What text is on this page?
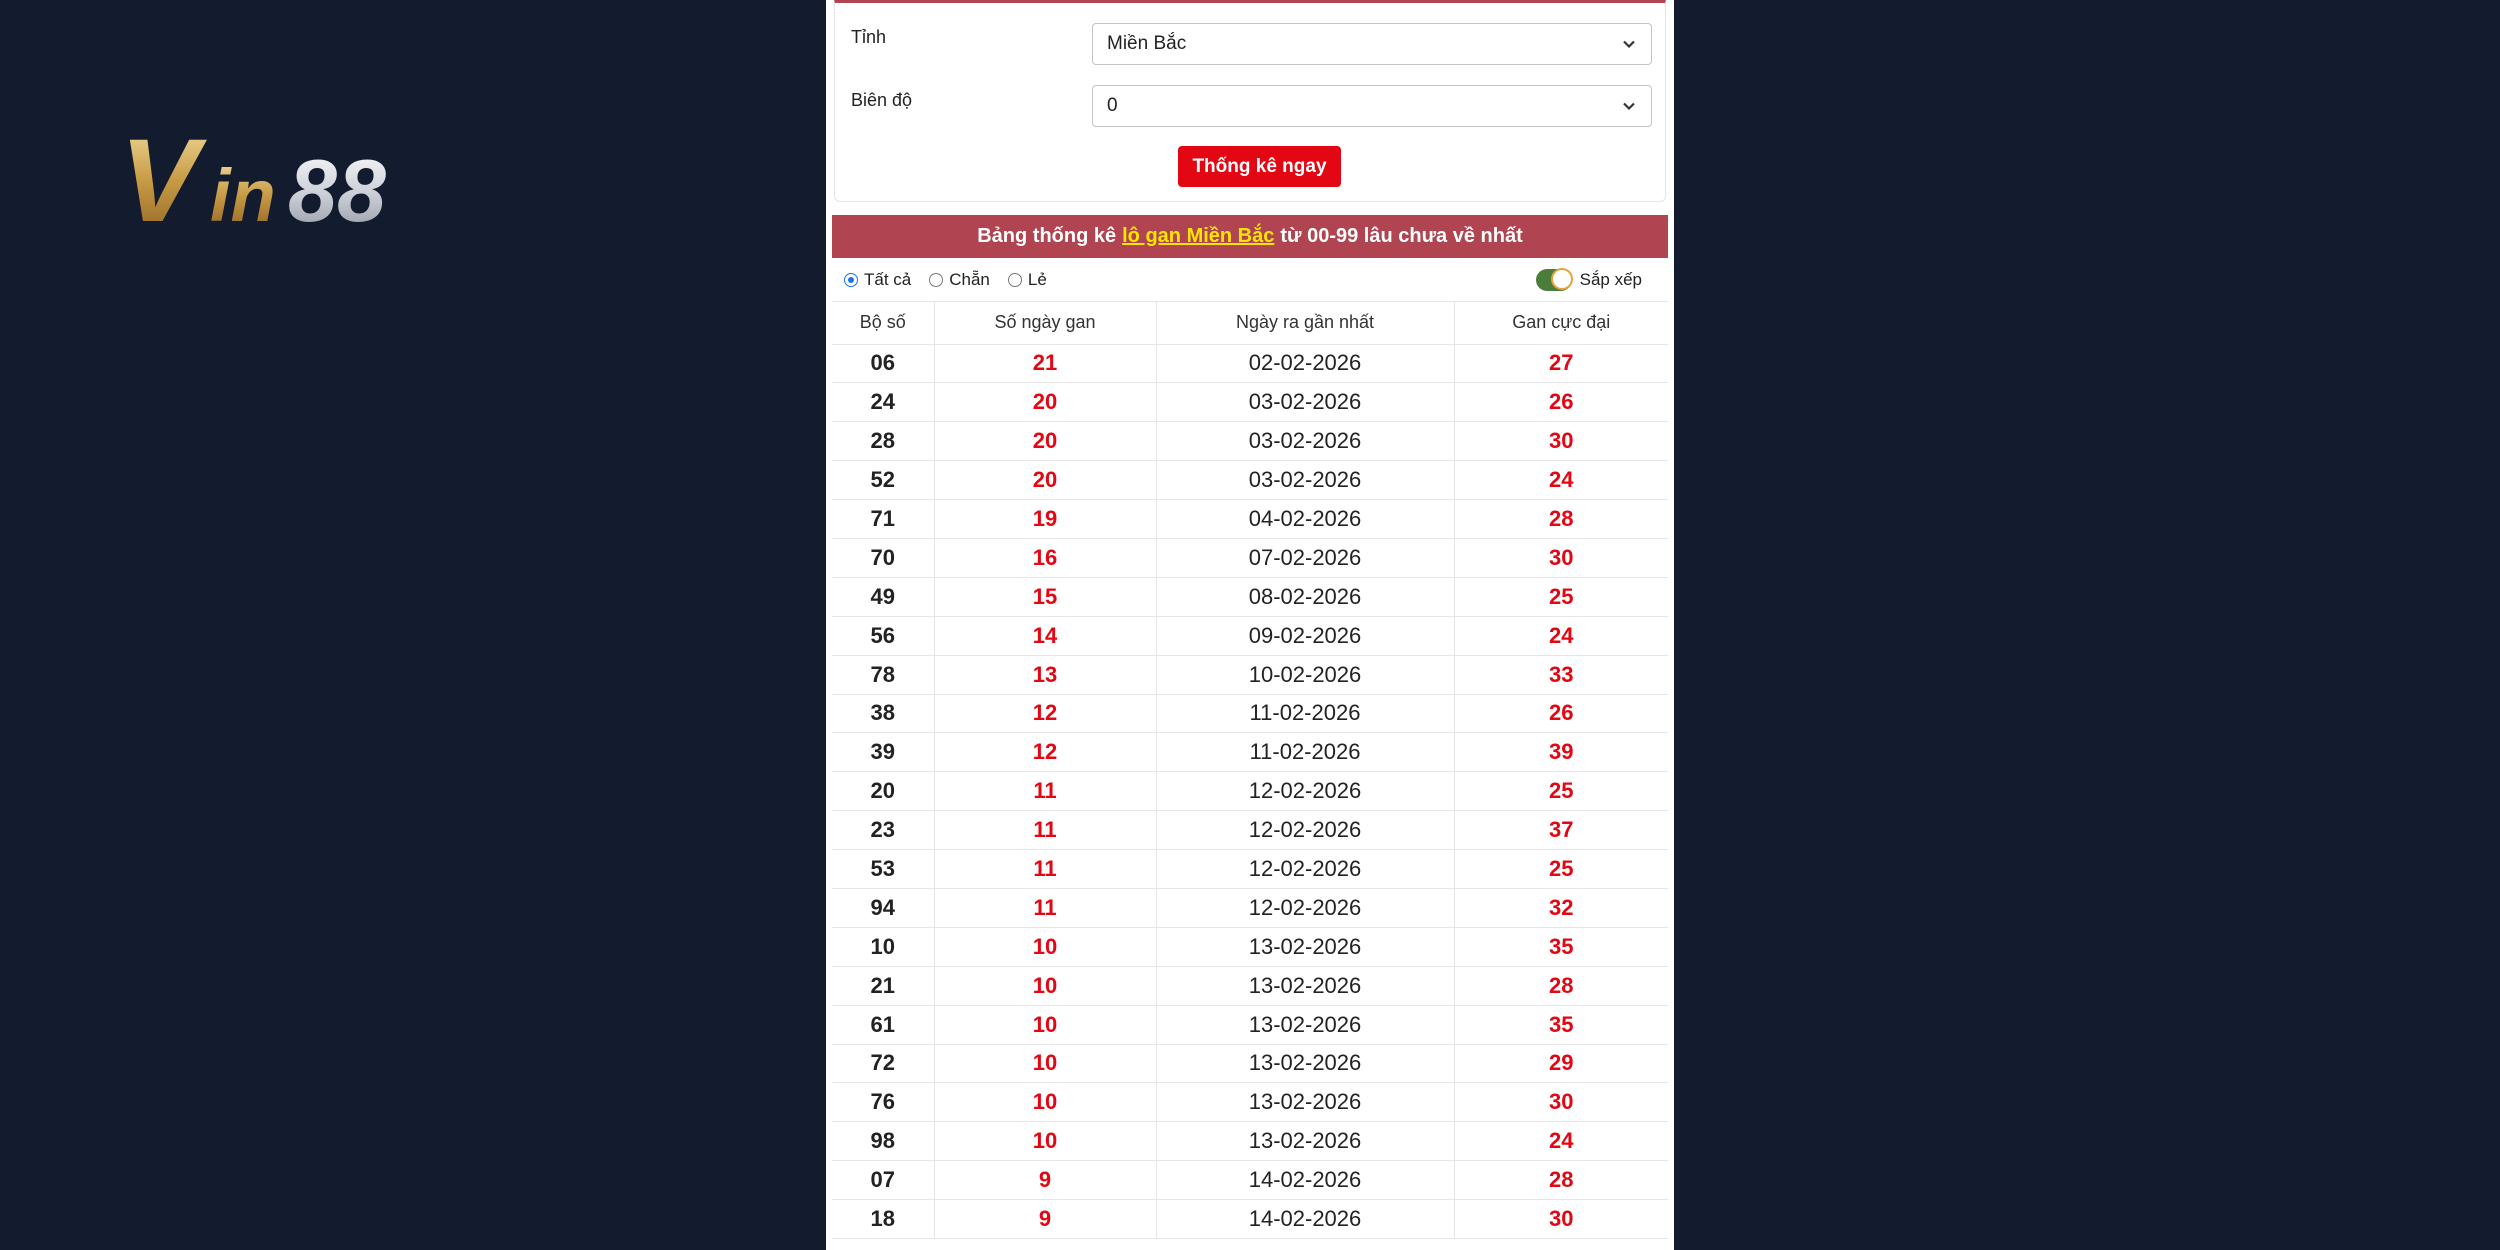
V in 88
Tỉnh	Miền Bắc
Biên độ	0
Thống kê ngay
Bảng thống kê lô gan Miền Bắc từ 00-99 lâu chưa về nhất
Tất cả Chẵn Lẻ	Sắp xếp
Bộ số	Số ngày gan	Ngày ra gần nhất	Gan cực đại
06	21	02-02-2026	27
24	20	03-02-2026	26
28	20	03-02-2026	30
52	20	03-02-2026	24
71	19	04-02-2026	28
70	16	07-02-2026	30
49	15	08-02-2026	25
56	14	09-02-2026	24
78	13	10-02-2026	33
38	12	11-02-2026	26
39	12	11-02-2026	39
20	11	12-02-2026	25
23	11	12-02-2026	37
53	11	12-02-2026	25
94	11	12-02-2026	32
10	10	13-02-2026	35
21	10	13-02-2026	28
61	10	13-02-2026	35
72	10	13-02-2026	29
76	10	13-02-2026	30
98	10	13-02-2026	24
07	9	14-02-2026	28
18	9	14-02-2026	30
